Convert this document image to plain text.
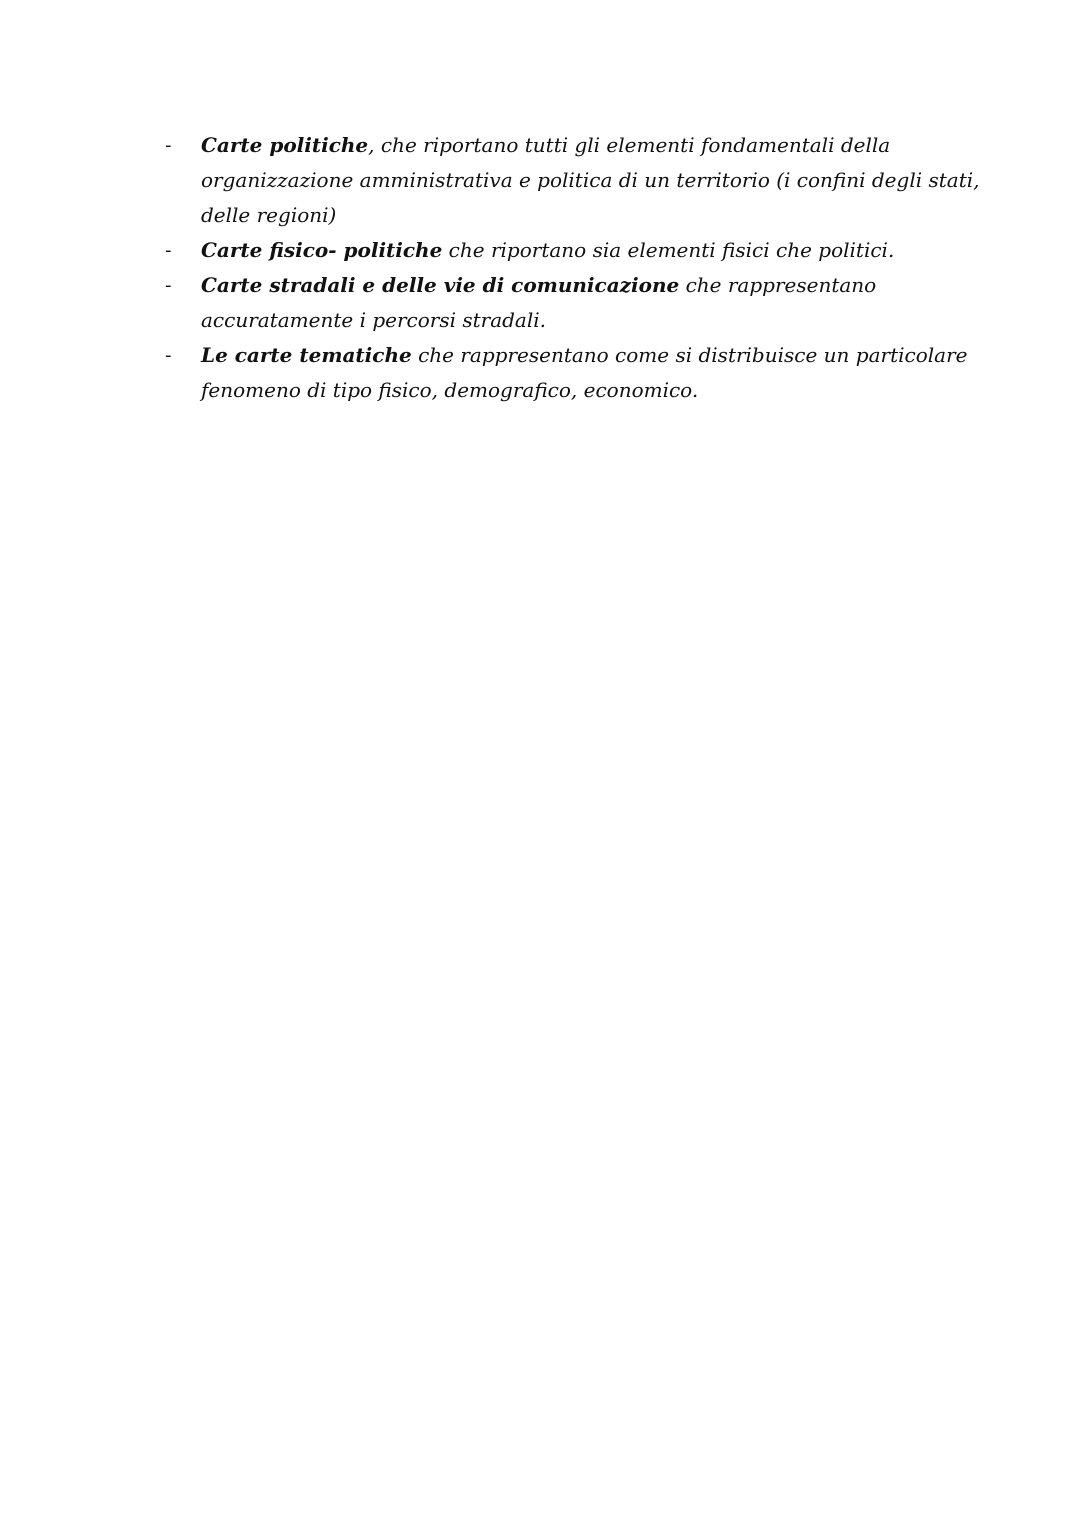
- Carte politiche, che riportano tutti gli elementi fondamentali della organizzazione amministrativa e politica di un territorio (i confini degli stati, delle regioni)
- Carte fisico- politiche che riportano sia elementi fisici che politici.
- Carte stradali e delle vie di comunicazione che rappresentano accuratamente i percorsi stradali.
- Le carte tematiche che rappresentano come si distribuisce un particolare fenomeno di tipo fisico, demografico, economico.
